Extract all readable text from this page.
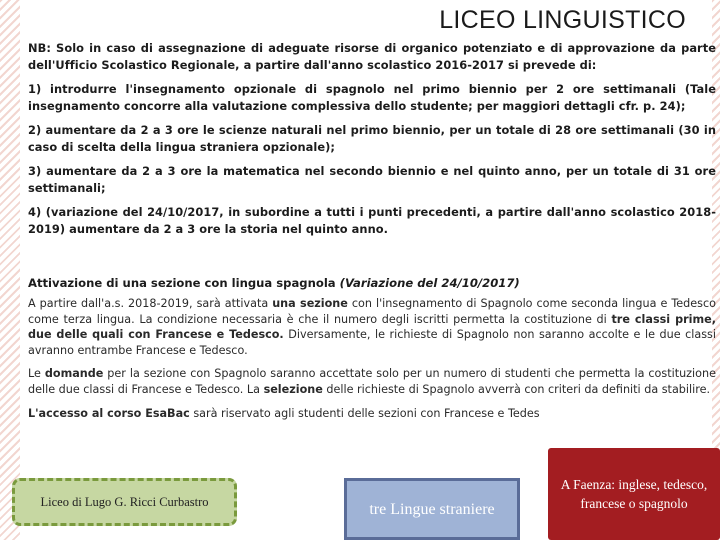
LICEO LINGUISTICO

NB: Solo in caso di assegnazione di adeguate risorse di organico potenziato e di approvazione da parte dell'Ufficio Scolastico Regionale, a partire dall'anno scolastico 2016-2017 si prevede di:

1) introdurre l'insegnamento opzionale di spagnolo nel primo biennio per 2 ore settimanali (Tale insegnamento concorre alla valutazione complessiva dello studente; per maggiori dettagli cfr. p. 24);

2) aumentare da 2 a 3 ore le scienze naturali nel primo biennio, per un totale di 28 ore settimanali (30 in caso di scelta della lingua straniera opzionale);

3) aumentare da 2 a 3 ore la matematica nel secondo biennio e nel quinto anno, per un totale di 31 ore settimanali;

4) (variazione del 24/10/2017, in subordine a tutti i punti precedenti, a partire dall'anno scolastico 2018-2019) aumentare da 2 a 3 ore la storia nel quinto anno.

Attivazione di una sezione con lingua spagnola (Variazione del 24/10/2017)

A partire dall'a.s. 2018-2019, sarà attivata una sezione con l'insegnamento di Spagnolo come seconda lingua e Tedesco come terza lingua. La condizione necessaria è che il numero degli iscritti permetta la costituzione di tre classi prime, due delle quali con Francese e Tedesco. Diversamente, le richieste di Spagnolo non saranno accolte e le due classi avranno entrambe Francese e Tedesco.

Le domande per la sezione con Spagnolo saranno accettate solo per un numero di studenti che permetta la costituzione delle due classi di Francese e Tedesco. La selezione delle richieste di Spagnolo avverrà con criteri da definiti da stabilire.

L'accesso al corso EsaBac sarà riservato agli studenti delle sezioni con Francese e Tedes

Liceo di Lugo G. Ricci Curbastro	tre Lingue straniere
A Faenza: inglese, tedesco, francese o spagnolo
